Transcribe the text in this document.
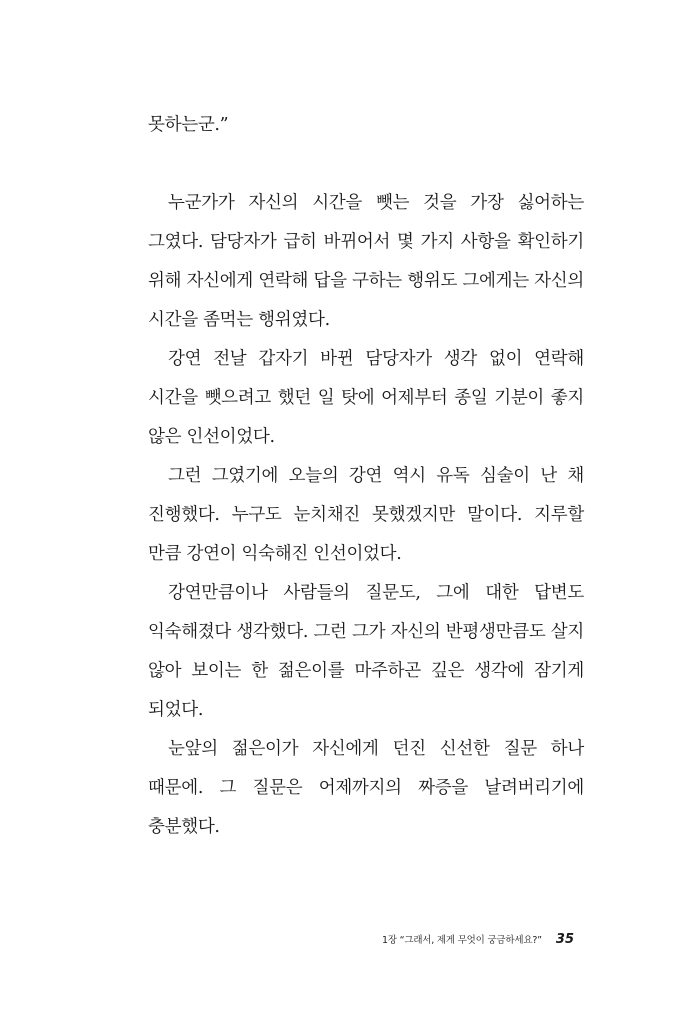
못하는군.”

누군가가 자신의 시간을 뺏는 것을 가장 싫어하는 그였다. 담당자가 급히 바뀌어서 몇 가지 사항을 확인하기 위해 자신에게 연락해 답을 구하는 행위도 그에게는 자신의 시간을 좀먹는 행위였다.

강연 전날 갑자기 바뀐 담당자가 생각 없이 연락해 시간을 뺏으려고 했던 일 탓에 어제부터 종일 기분이 좋지 않은 인선이었다.

그런 그였기에 오늘의 강연 역시 유독 심술이 난 채 진행했다. 누구도 눈치채진 못했겠지만 말이다. 지루할 만큼 강연이 익숙해진 인선이었다.

강연만큼이나 사람들의 질문도, 그에 대한 답변도 익숙해졌다 생각했다. 그런 그가 자신의 반평생만큼도 살지 않아 보이는 한 젊은이를 마주하곤 깊은 생각에 잠기게 되었다.

눈앞의 젊은이가 자신에게 던진 신선한 질문 하나 때문에. 그 질문은 어제까지의 짜증을 날려버리기에 충분했다.

1장 “그래서, 제게 무엇이 궁금하세요?” 35
